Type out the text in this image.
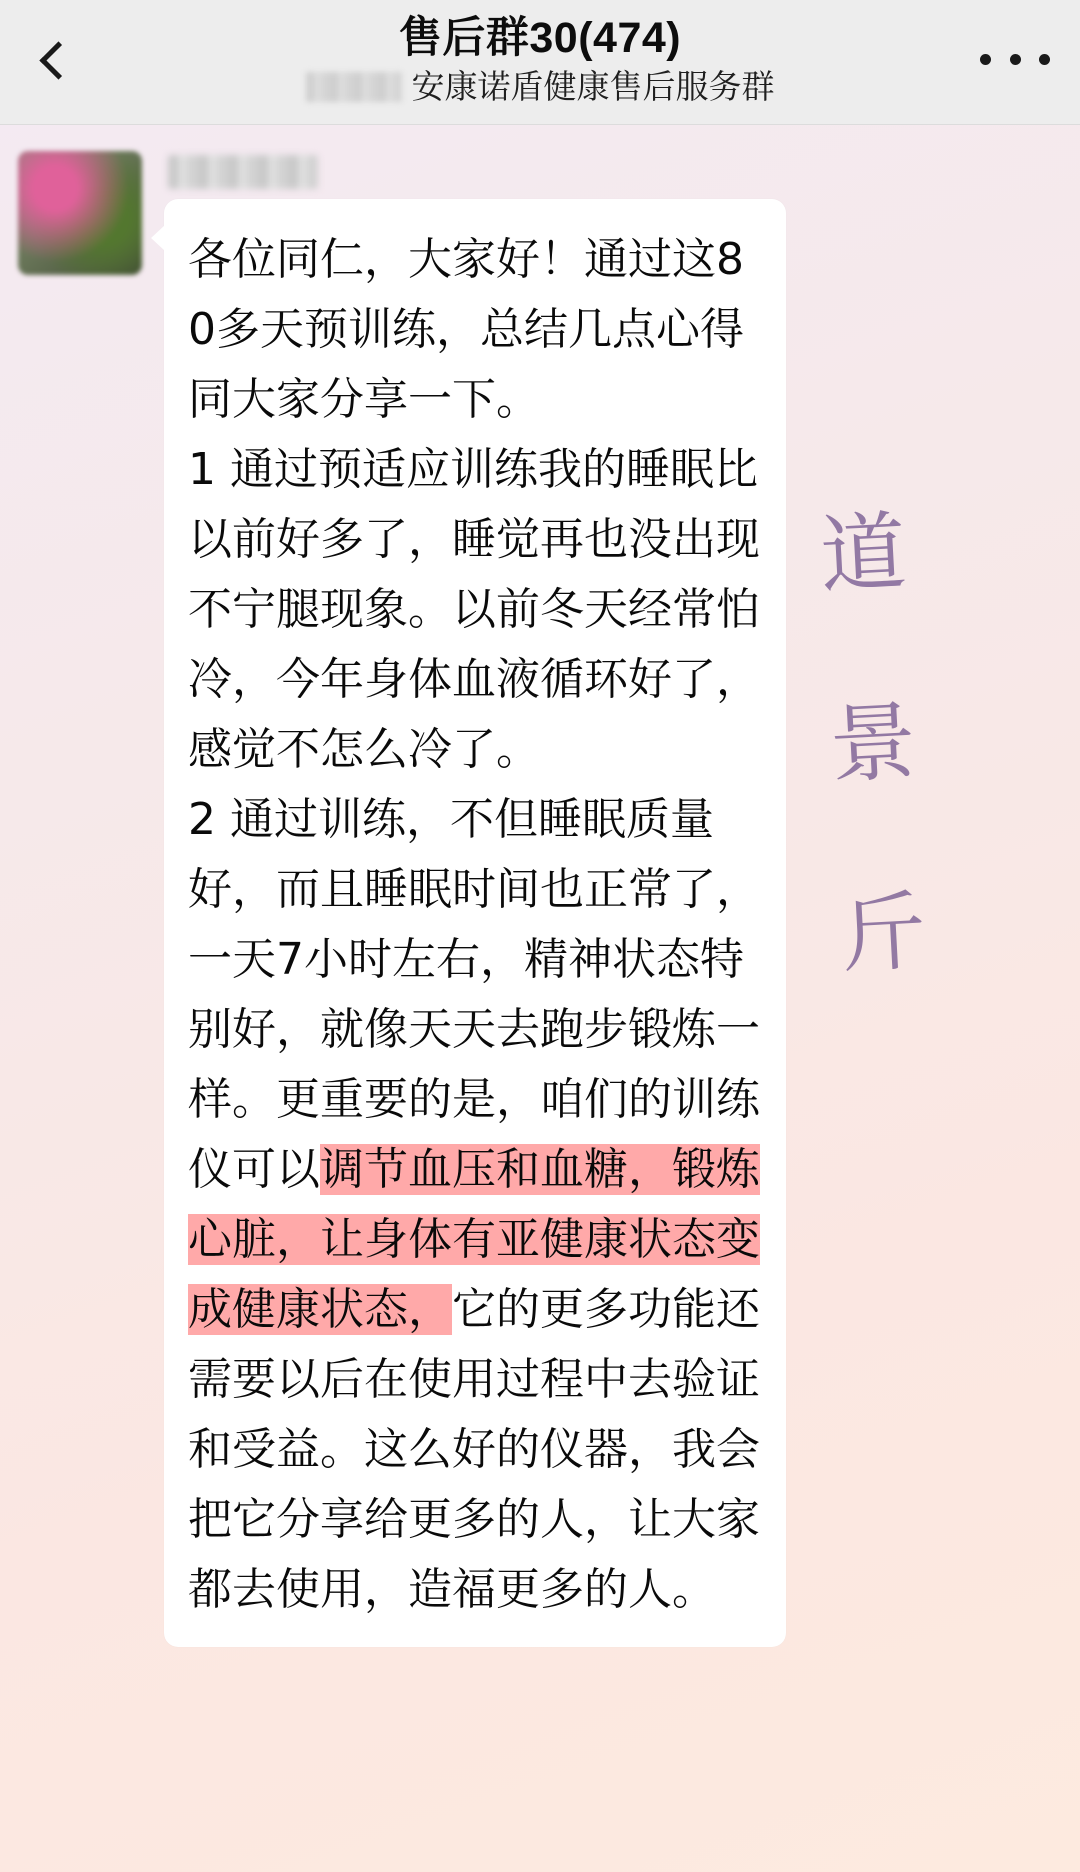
售后群30(474)
安康诺盾健康售后服务群
道
景
斤
各位同仁，大家好！通过这80多天预训练，总结几点心得同大家分享一下。
1 通过预适应训练我的睡眠比以前好多了，睡觉再也没出现不宁腿现象。以前冬天经常怕冷，今年身体血液循环好了，感觉不怎么冷了。
2 通过训练，不但睡眠质量好，而且睡眠时间也正常了，一天7小时左右，精神状态特别好，就像天天去跑步锻炼一样。更重要的是，咱们的训练仪可以调节血压和血糖，锻炼心脏，让身体有亚健康状态变成健康状态，它的更多功能还需要以后在使用过程中去验证和受益。这么好的仪器，我会把它分享给更多的人，让大家都去使用，造福更多的人。
